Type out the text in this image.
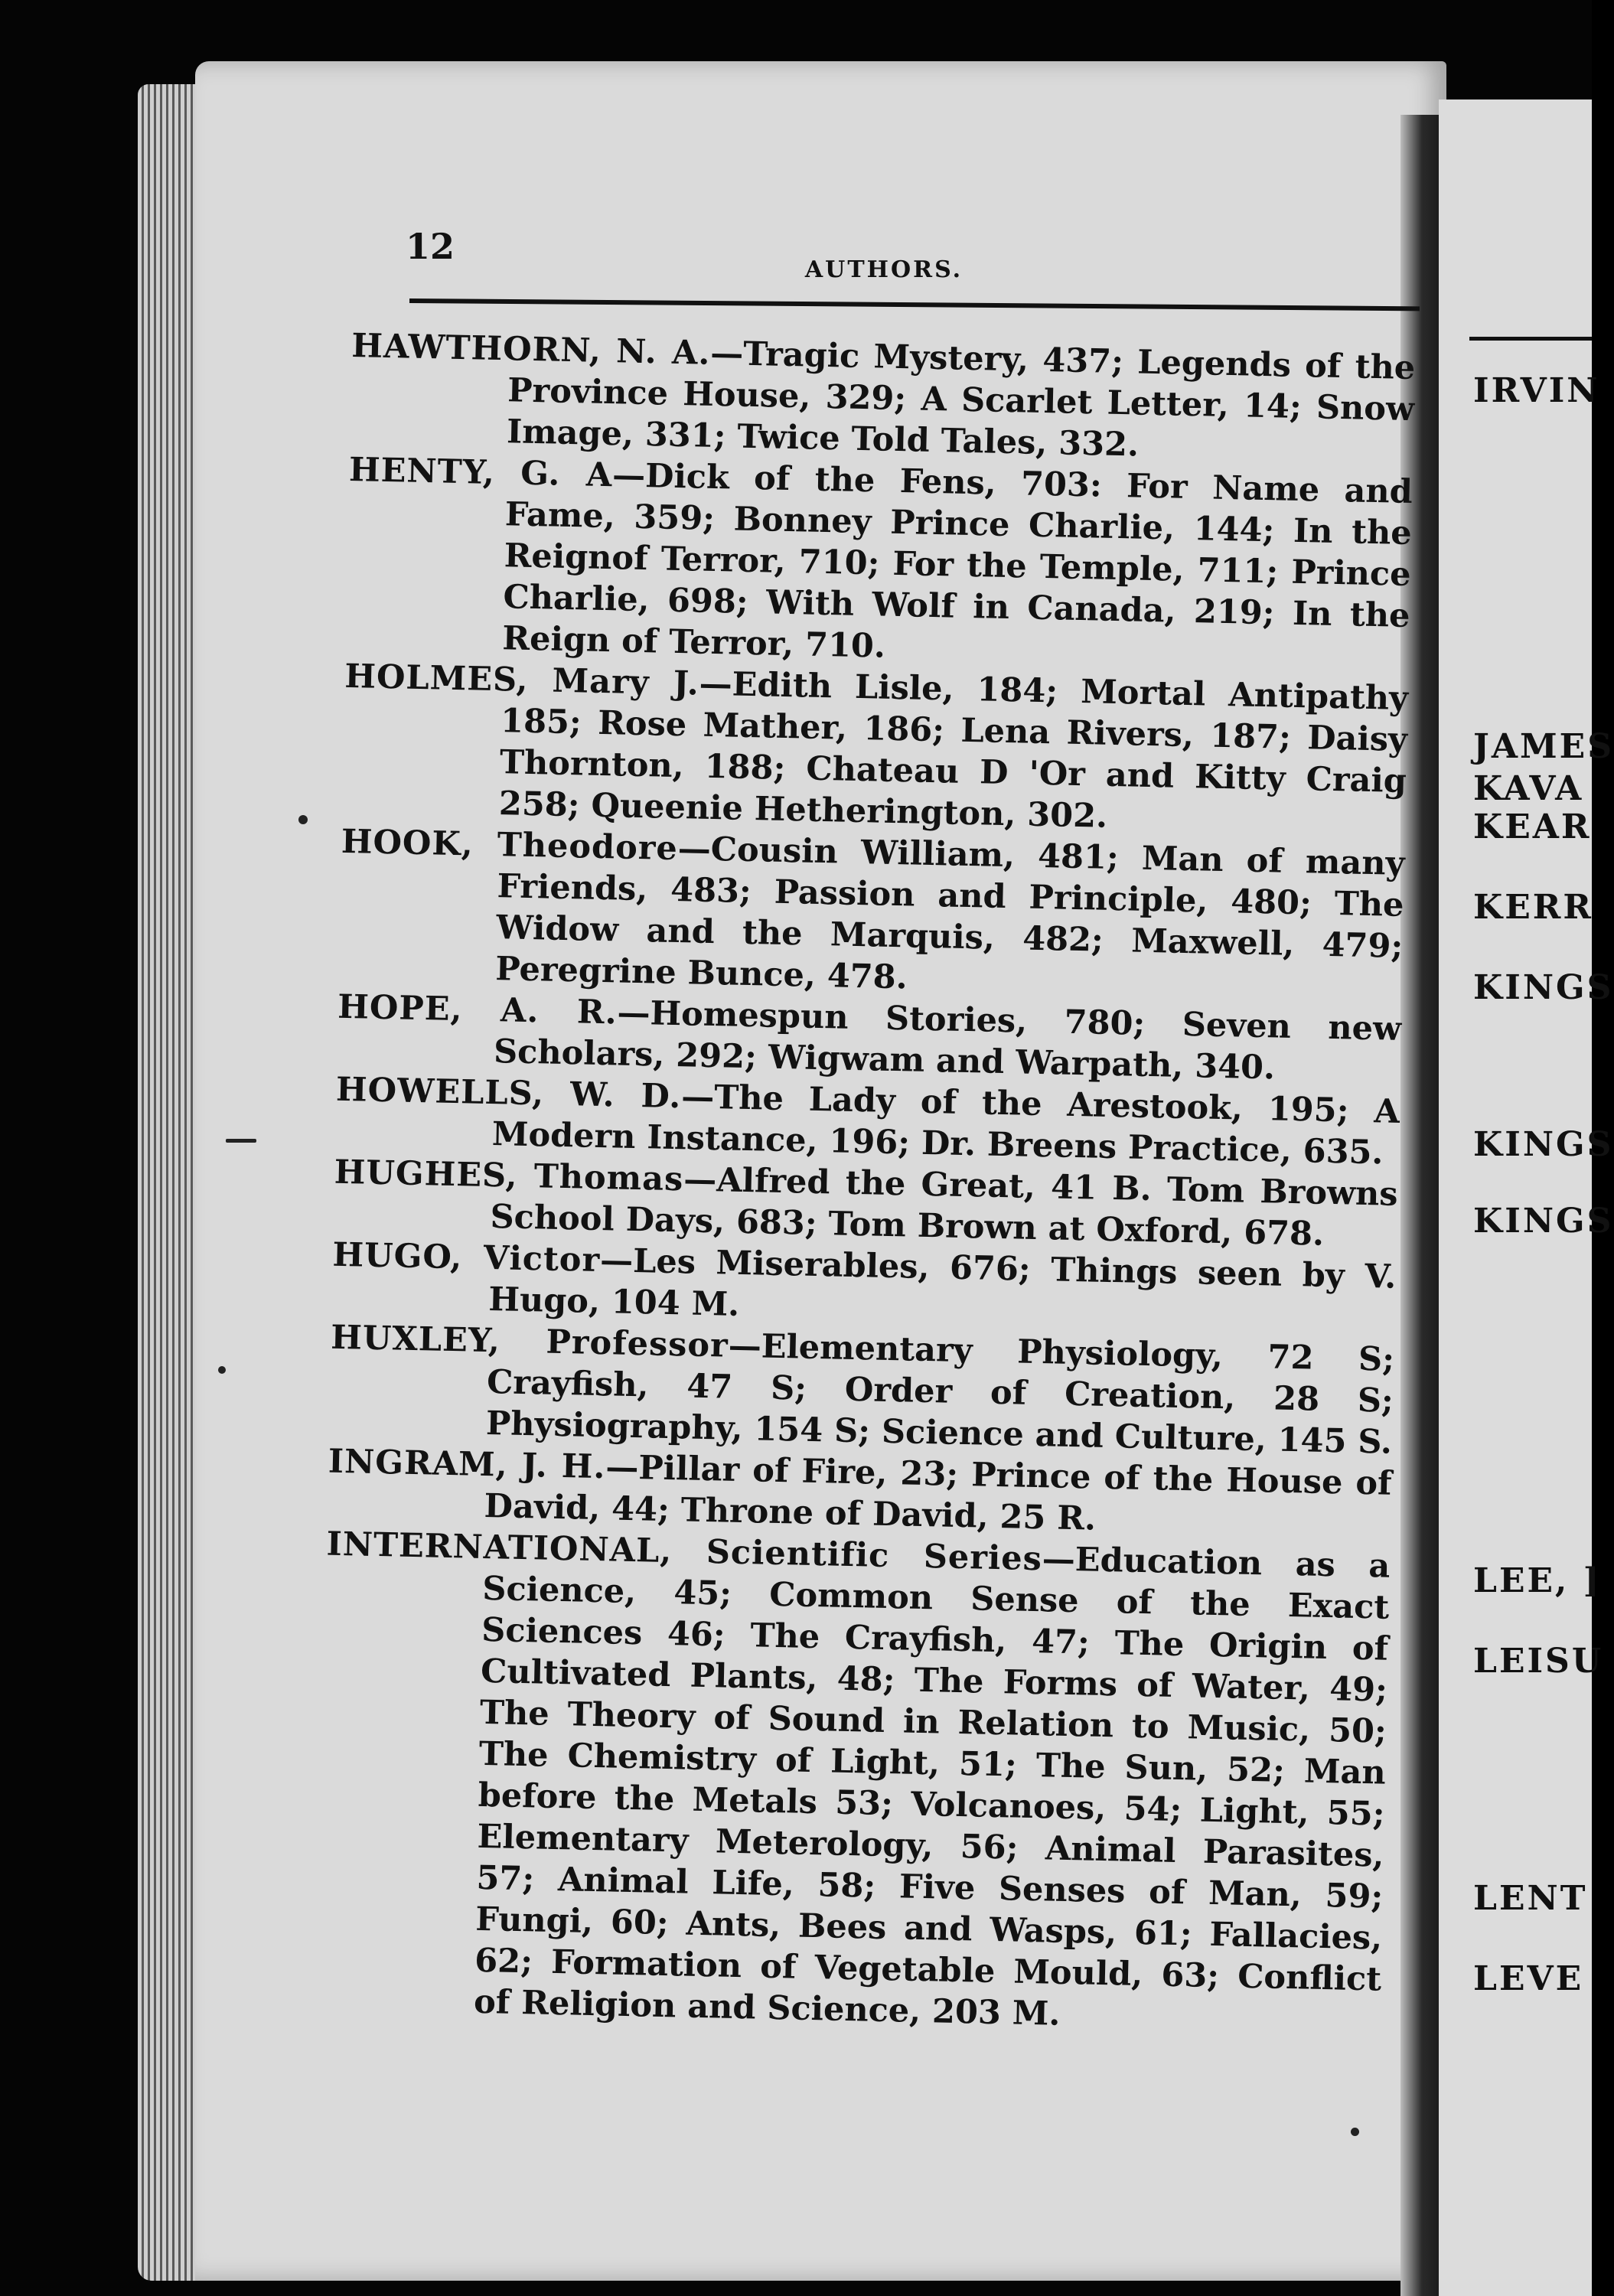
IRVIN
JAMES
KAVA
KEAR
KERR
KINGS
KINGS
KINGS
LEE, ]
LEISU
LENT
LEVE
12
AUTHORS.

HAWTHORN, N. A.—Tragic Mystery, 437; Legends of the Province House, 329; A Scarlet Letter, 14; Snow Image, 331; Twice Told Tales, 332.

HENTY, G. A—Dick of the Fens, 703: For Name and Fame, 359; Bonney Prince Charlie, 144; In the Reignof Terror, 710; For the Temple, 711; Prince Charlie, 698; With Wolf in Canada, 219; In the Reign of Terror, 710.

HOLMES, Mary J.—Edith Lisle, 184; Mortal Antipathy 185; Rose Mather, 186; Lena Rivers, 187; Daisy Thornton, 188; Chateau D 'Or and Kitty Craig 258; Queenie Hetherington, 302.

HOOK, Theodore—Cousin William, 481; Man of many Friends, 483; Passion and Principle, 480; The Widow and the Marquis, 482; Maxwell, 479; Peregrine Bunce, 478.

HOPE, A. R.—Homespun Stories, 780; Seven new Scholars, 292; Wigwam and Warpath, 340.

HOWELLS, W. D.—The Lady of the Arestook, 195; A Modern Instance, 196; Dr. Breens Practice, 635.

HUGHES, Thomas—Alfred the Great, 41 B. Tom Browns School Days, 683; Tom Brown at Oxford, 678.

HUGO, Victor—Les Miserables, 676; Things seen by V. Hugo, 104 M.

HUXLEY, Professor—Elementary Physiology, 72 S; Crayfish, 47 S; Order of Creation, 28 S; Physiography, 154 S; Science and Culture, 145 S.

INGRAM, J. H.—Pillar of Fire, 23; Prince of the House of David, 44; Throne of David, 25 R.

INTERNATIONAL, Scientific Series—Education as a Science, 45; Common Sense of the Exact Sciences 46; The Crayfish, 47; The Origin of Cultivated Plants, 48; The Forms of Water, 49; The Theory of Sound in Relation to Music, 50; The Chemistry of Light, 51; The Sun, 52; Man before the Metals 53; Volcanoes, 54; Light, 55; Elementary Meterology, 56; Animal Parasites, 57; Animal Life, 58; Five Senses of Man, 59; Fungi, 60; Ants, Bees and Wasps, 61; Fallacies, 62; Formation of Vegetable Mould, 63; Conflict of Religion and Science, 203 M.
